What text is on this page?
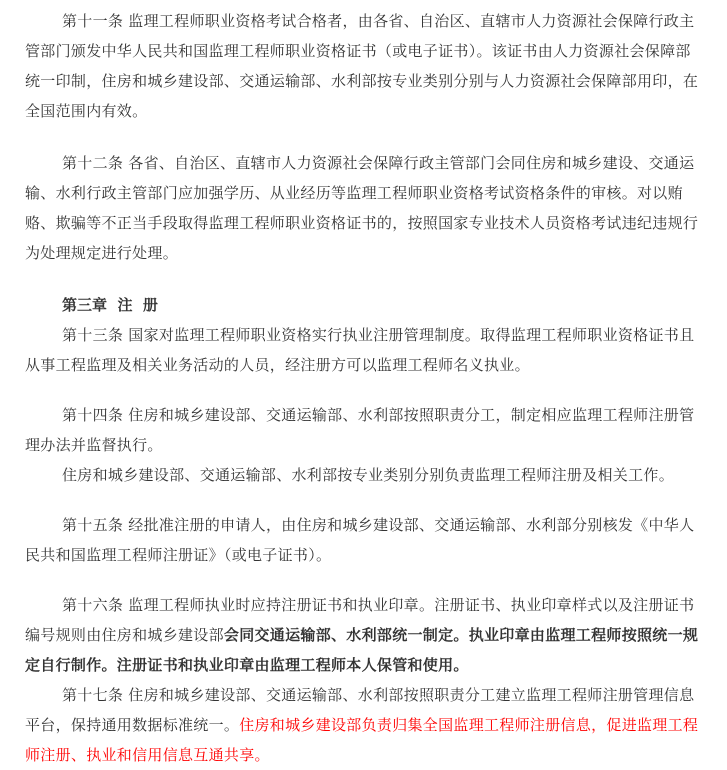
第十一条 监理工程师职业资格考试合格者，由各省、自治区、直辖市人力资源社会保障行政主管部门颁发中华人民共和国监理工程师职业资格证书（或电子证书）。该证书由人力资源社会保障部统一印制，住房和城乡建设部、交通运输部、水利部按专业类别分别与人力资源社会保障部用印，在全国范围内有效。

第十二条 各省、自治区、直辖市人力资源社会保障行政主管部门会同住房和城乡建设、交通运输、水利行政主管部门应加强学历、从业经历等监理工程师职业资格考试资格条件的审核。对以贿赂、欺骗等不正当手段取得监理工程师职业资格证书的，按照国家专业技术人员资格考试违纪违规行为处理规定进行处理。

第三章  注  册

第十三条 国家对监理工程师职业资格实行执业注册管理制度。取得监理工程师职业资格证书且从事工程监理及相关业务活动的人员，经注册方可以监理工程师名义执业。

第十四条 住房和城乡建设部、交通运输部、水利部按照职责分工，制定相应监理工程师注册管理办法并监督执行。

住房和城乡建设部、交通运输部、水利部按专业类别分别负责监理工程师注册及相关工作。

第十五条 经批准注册的申请人，由住房和城乡建设部、交通运输部、水利部分别核发《中华人民共和国监理工程师注册证》（或电子证书）。

第十六条 监理工程师执业时应持注册证书和执业印章。注册证书、执业印章样式以及注册证书编号规则由住房和城乡建设部会同交通运输部、水利部统一制定。执业印章由监理工程师按照统一规定自行制作。注册证书和执业印章由监理工程师本人保管和使用。

第十七条 住房和城乡建设部、交通运输部、水利部按照职责分工建立监理工程师注册管理信息平台，保持通用数据标准统一。住房和城乡建设部负责归集全国监理工程师注册信息，促进监理工程师注册、执业和信用信息互通共享。
